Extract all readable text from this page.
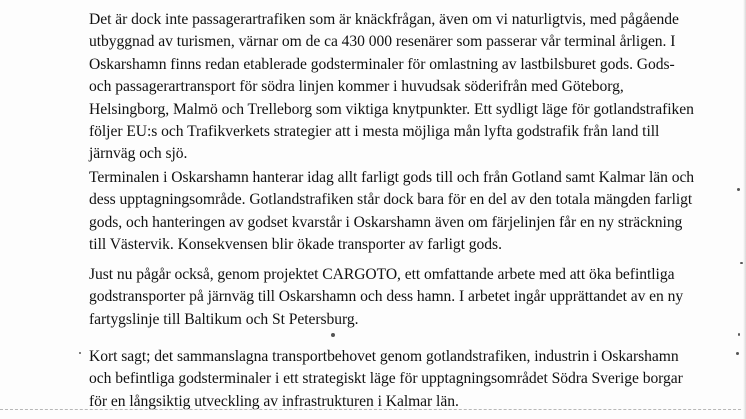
Det är dock inte passagerartrafiken som är knäckfrågan, även om vi naturligtvis, med pågående
utbyggnad av turismen, värnar om de ca 430 000 resenärer som passerar vår terminal årligen. I
Oskarshamn finns redan etablerade godsterminaler för omlastning av lastbilsburet gods. Gods-
och passagerartransport för södra linjen kommer i huvudsak söderifrån med Göteborg,
Helsingborg, Malmö och Trelleborg som viktiga knytpunkter. Ett sydligt läge för gotlandstrafiken
följer EU:s och Trafikverkets strategier att i mesta möjliga mån lyfta godstrafik från land till
järnväg och sjö.
Terminalen i Oskarshamn hanterar idag allt farligt gods till och från Gotland samt Kalmar län och
dess upptagningsområde. Gotlandstrafiken står dock bara för en del av den totala mängden farligt
gods, och hanteringen av godset kvarstår i Oskarshamn även om färjelinjen får en ny sträckning
till Västervik. Konsekvensen blir ökade transporter av farligt gods.
Just nu pågår också, genom projektet CARGOTO, ett omfattande arbete med att öka befintliga
godstransporter på järnväg till Oskarshamn och dess hamn. I arbetet ingår upprättandet av en ny
fartygslinje till Baltikum och St Petersburg.
Kort sagt; det sammanslagna transportbehovet genom gotlandstrafiken, industrin i Oskarshamn
och befintliga godsterminaler i ett strategiskt läge för upptagningsområdet Södra Sverige borgar
för en långsiktig utveckling av infrastrukturen i Kalmar län.
